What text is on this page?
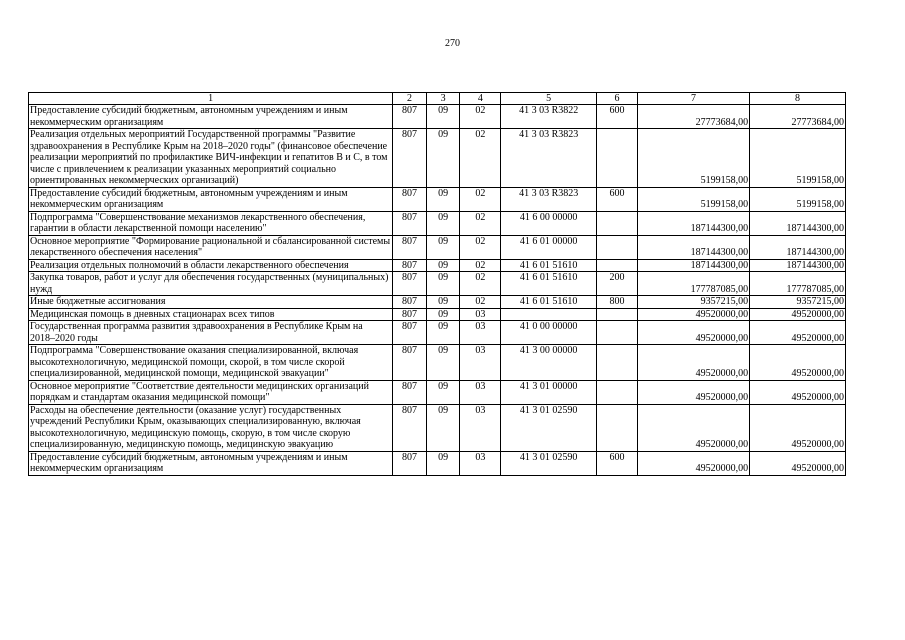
270
1	2	3	4	5	6	7	8
Предоставление субсидий бюджетным, автономным учреждениям и иным некоммерческим организациям	807	09	02	41 3 03 R3822	600	27773684,00	27773684,00
Реализация отдельных мероприятий Государственной программы "Развитие здравоохранения в Республике Крым на 2018–2020 годы" (финансовое обеспечение реализации мероприятий по профилактике ВИЧ-инфекции и гепатитов В и С, в том числе с привлечением к реализации указанных мероприятий социально ориентированных некоммерческих организаций)	807	09	02	41 3 03 R3823		5199158,00	5199158,00
Предоставление субсидий бюджетным, автономным учреждениям и иным некоммерческим организациям	807	09	02	41 3 03 R3823	600	5199158,00	5199158,00
Подпрограмма "Совершенствование механизмов лекарственного обеспечения, гарантии в области лекарственной помощи населению"	807	09	02	41 6 00 00000		187144300,00	187144300,00
Основное мероприятие "Формирование рациональной и сбалансированной системы лекарственного обеспечения населения"	807	09	02	41 6 01 00000		187144300,00	187144300,00
Реализация отдельных полномочий в области лекарственного обеспечения	807	09	02	41 6 01 51610		187144300,00	187144300,00
Закупка товаров, работ и услуг для обеспечения государственных (муниципальных) нужд	807	09	02	41 6 01 51610	200	177787085,00	177787085,00
Иные бюджетные ассигнования	807	09	02	41 6 01 51610	800	9357215,00	9357215,00
Медицинская помощь в дневных стационарах всех типов	807	09	03			49520000,00	49520000,00
Государственная программа развития здравоохранения в Республике Крым на 2018–2020 годы	807	09	03	41 0 00 00000		49520000,00	49520000,00
Подпрограмма "Совершенствование оказания специализированной, включая высокотехнологичную, медицинской помощи, скорой, в том числе скорой специализированной, медицинской помощи, медицинской эвакуации"	807	09	03	41 3 00 00000		49520000,00	49520000,00
Основное мероприятие "Соответствие деятельности медицинских организаций порядкам и стандартам оказания медицинской помощи"	807	09	03	41 3 01 00000		49520000,00	49520000,00
Расходы на обеспечение деятельности (оказание услуг) государственных учреждений Республики Крым, оказывающих специализированную, включая высокотехнологичную, медицинскую помощь, скорую, в том числе скорую специализированную, медицинскую помощь, медицинскую эвакуацию	807	09	03	41 3 01 02590		49520000,00	49520000,00
Предоставление субсидий бюджетным, автономным учреждениям и иным некоммерческим организациям	807	09	03	41 3 01 02590	600	49520000,00	49520000,00
